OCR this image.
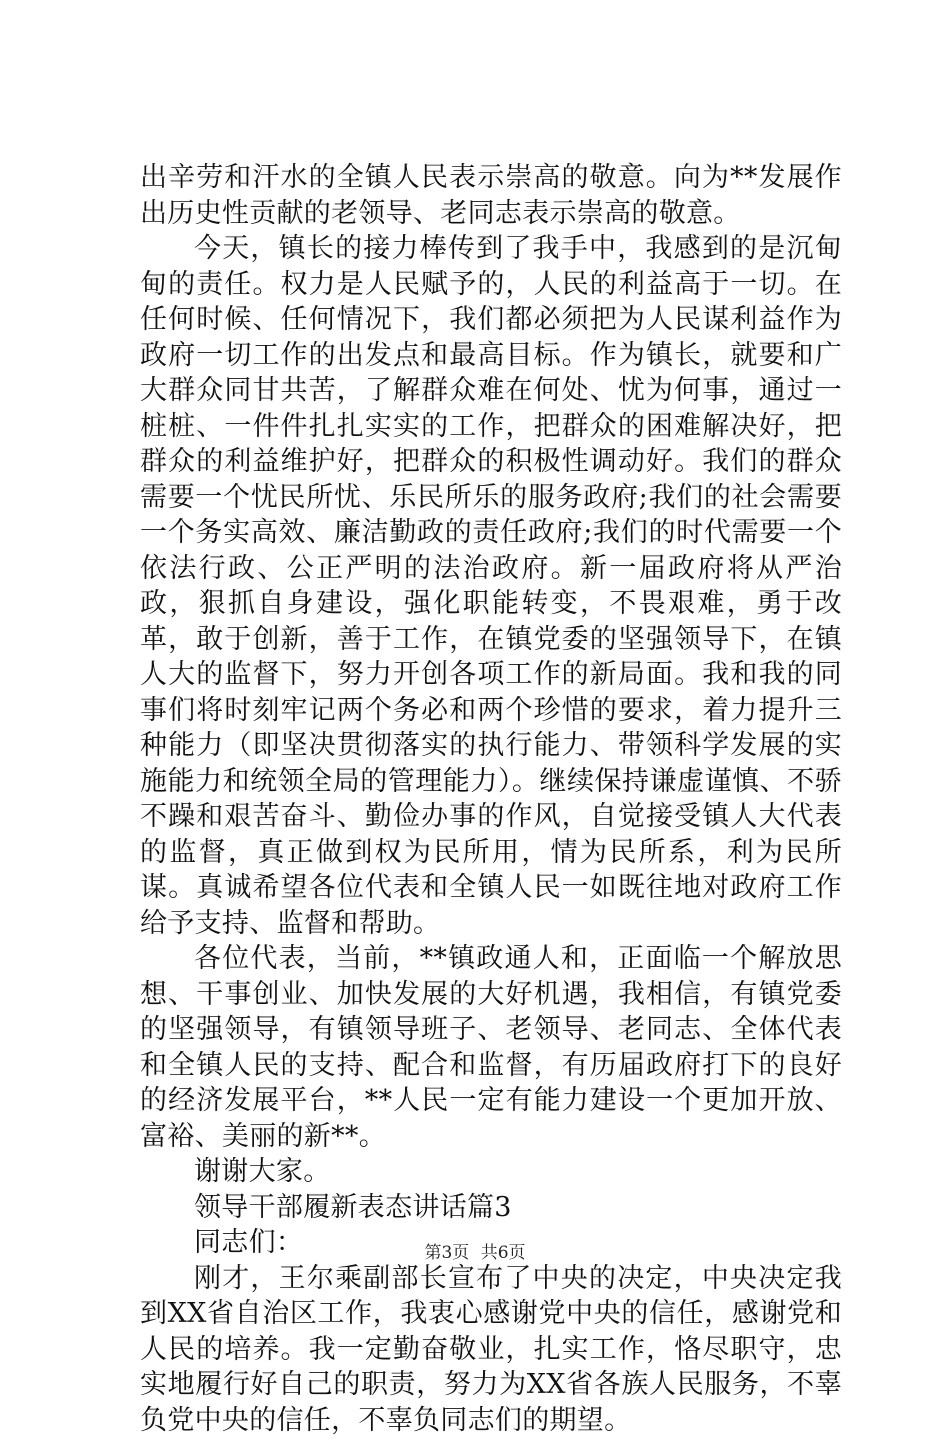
出辛劳和汗水的全镇人民表示崇高的敬意。向为**发展作出历史性贡献的老领导、老同志表示崇高的敬意。

今天，镇长的接力棒传到了我手中，我感到的是沉甸甸的责任。权力是人民赋予的，人民的利益高于一切。在任何时候、任何情况下，我们都必须把为人民谋利益作为政府一切工作的出发点和最高目标。作为镇长，就要和广大群众同甘共苦，了解群众难在何处、忧为何事，通过一桩桩、一件件扎扎实实的工作，把群众的困难解决好，把群众的利益维护好，把群众的积极性调动好。我们的群众需要一个忧民所忧、乐民所乐的服务政府;我们的社会需要一个务实高效、廉洁勤政的责任政府;我们的时代需要一个依法行政、公正严明的法治政府。新一届政府将从严治政，狠抓自身建设，强化职能转变，不畏艰难，勇于改革，敢于创新，善于工作，在镇党委的坚强领导下，在镇人大的监督下，努力开创各项工作的新局面。我和我的同事们将时刻牢记两个务必和两个珍惜的要求，着力提升三种能力（即坚决贯彻落实的执行能力、带领科学发展的实施能力和统领全局的管理能力）。继续保持谦虚谨慎、不骄不躁和艰苦奋斗、勤俭办事的作风，自觉接受镇人大代表的监督，真正做到权为民所用，情为民所系，利为民所谋。真诚希望各位代表和全镇人民一如既往地对政府工作给予支持、监督和帮助。

各位代表，当前，**镇政通人和，正面临一个解放思想、干事创业、加快发展的大好机遇，我相信，有镇党委的坚强领导，有镇领导班子、老领导、老同志、全体代表和全镇人民的支持、配合和监督，有历届政府打下的良好的经济发展平台，**人民一定有能力建设一个更加开放、富裕、美丽的新**。

谢谢大家。

领导干部履新表态讲话篇3

同志们：

刚才，王尔乘副部长宣布了中央的决定，中央决定我到XX省自治区工作，我衷心感谢党中央的信任，感谢党和人民的培养。我一定勤奋敬业，扎实工作，恪尽职守，忠实地履行好自己的职责，努力为XX省各族人民服务，不辜负党中央的信任，不辜负同志们的期望。

第3页 共6页
